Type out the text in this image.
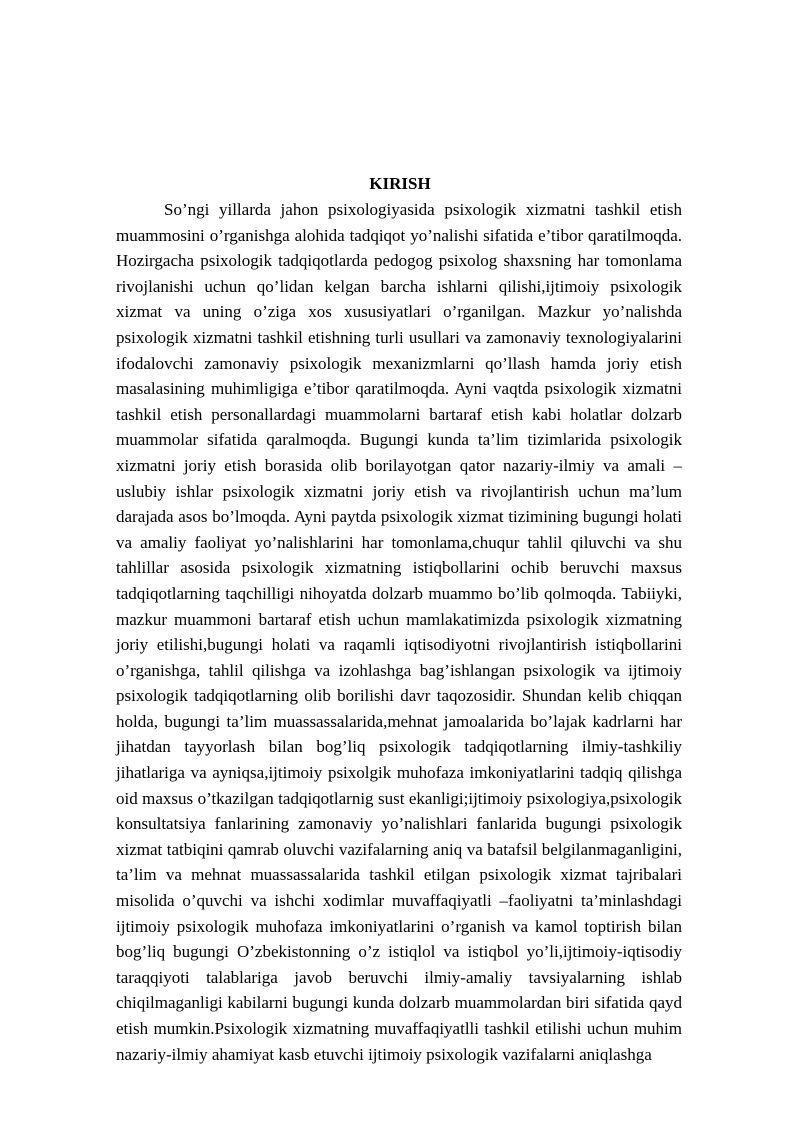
KIRISH

So’ngi yillarda jahon psixologiyasida psixologik xizmatni tashkil etish muammosini o’rganishga alohida tadqiqot yo’nalishi sifatida e’tibor qaratilmoqda. Hozirgacha psixologik tadqiqotlarda pedogog psixolog shaxsning har tomonlama rivojlanishi uchun qo’lidan kelgan barcha ishlarni qilishi,ijtimoiy psixologik xizmat va uning o’ziga xos xususiyatlari o’rganilgan. Mazkur yo’nalishda psixologik xizmatni tashkil etishning turli usullari va zamonaviy texnologiyalarini ifodalovchi zamonaviy psixologik mexanizmlarni qo’llash hamda joriy etish masalasining muhimligiga e’tibor qaratilmoqda. Ayni vaqtda psixologik xizmatni tashkil etish personallardagi muammolarni bartaraf etish kabi holatlar dolzarb muammolar sifatida qaralmoqda. Bugungi kunda ta’lim tizimlarida psixologik xizmatni joriy etish borasida olib borilayotgan qator nazariy-ilmiy va amali –uslubiy ishlar psixologik xizmatni joriy etish va rivojlantirish uchun ma’lum darajada asos bo’lmoqda. Ayni paytda psixologik xizmat tizimining bugungi holati va amaliy faoliyat yo’nalishlarini har tomonlama,chuqur tahlil qiluvchi va shu tahlillar asosida psixologik xizmatning istiqbollarini ochib beruvchi maxsus tadqiqotlarning taqchilligi nihoyatda dolzarb muammo bo’lib qolmoqda. Tabiiyki, mazkur muammoni bartaraf etish uchun mamlakatimizda psixologik xizmatning joriy etilishi,bugungi holati va raqamli iqtisodiyotni rivojlantirish istiqbollarini o’rganishga, tahlil qilishga va izohlashga bag’ishlangan psixologik va ijtimoiy psixologik tadqiqotlarning olib borilishi davr taqozosidir. Shundan kelib chiqqan holda, bugungi ta’lim muassassalarida,mehnat jamoalarida bo’lajak kadrlarni har jihatdan tayyorlash bilan bog’liq psixologik tadqiqotlarning ilmiy-tashkiliy jihatlariga va ayniqsa,ijtimoiy psixolgik muhofaza imkoniyatlarini tadqiq qilishga oid maxsus o’tkazilgan tadqiqotlarnig sust ekanligi;ijtimoiy psixologiya,psixologik konsultatsiya fanlarining zamonaviy yo’nalishlari fanlarida bugungi psixologik xizmat tatbiqini qamrab oluvchi vazifalarning aniq va batafsil belgilanmaganligini, ta’lim va mehnat muassassalarida tashkil etilgan psixologik xizmat tajribalari misolida o’quvchi va ishchi xodimlar muvaffaqiyatli –faoliyatni ta’minlashdagi ijtimoiy psixologik muhofaza imkoniyatlarini o’rganish va kamol toptirish bilan bog’liq bugungi O’zbekistonning o’z istiqlol va istiqbol yo’li,ijtimoiy-iqtisodiy taraqqiyoti talablariga javob beruvchi ilmiy-amaliy tavsiyalarning ishlab chiqilmaganligi kabilarni bugungi kunda dolzarb muammolardan biri sifatida qayd etish mumkin.Psixologik xizmatning muvaffaqiyatlli tashkil etilishi uchun muhim nazariy-ilmiy ahamiyat kasb etuvchi ijtimoiy psixologik vazifalarni aniqlashga
